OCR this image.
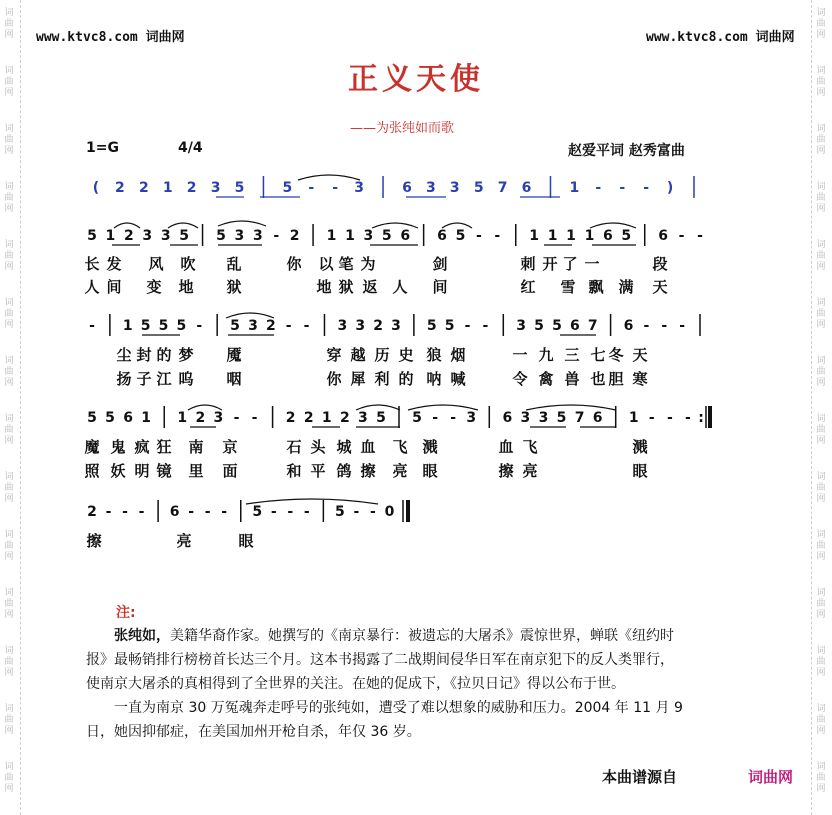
词 曲 网
词 曲 网
词 曲 网
词 曲 网
词 曲 网
词 曲 网
词 曲 网
词 曲 网
词 曲 网
词 曲 网
词 曲 网
词 曲 网
词 曲 网
词 曲 网
词 曲 网
词 曲 网
词 曲 网
词 曲 网
词 曲 网
词 曲 网
词 曲 网
词 曲 网
词 曲 网
词 曲 网
词 曲 网
词 曲 网
词 曲 网
词 曲 网
www.ktvc8.com 词曲网	www.ktvc8.com 词曲网
正义天使
——为张纯如而歌
1=G	4/4	赵爱平词 赵秀富曲
( 2 2 1 2 3 5	5 - - 3	6 3 3 5 7 6	1 - - - )
5 1 2 3 3 5 5 3 3 - 2 1 1 3 5 6 6 5 - - 1 1 1 1 6 5 6 - -
长 发 风 吹 乱	你 以 笔 为	剑	刺 开 了 一	段
人 间 变 地 狱	地 狱 返 人 间	红 雪 飘 满 天
- 1 5 5 5 - 5 3 2 - - 3 3 2 3 5 5 - - 3 5 5 6 7 6 - - -
尘 封 的 梦 魇	穿 越 历 史 狼 烟	一 九 三 七 冬 天
扬 子 江 呜 咽	你 犀 利 的 呐 喊	令 禽 兽 也 胆 寒
5 5 6 1 1 2 3 - - 2 2 1 2 3 5 5 - - 3 6 3 3 5 7 6 1 - - - :
魔 鬼 疯 狂 南 京	石 头 城 血 飞 溅	血 飞	溅
照 妖 明 镜 里 面	和 平 鸽 擦 亮 眼	擦 亮	眼
2 - - - 6 - - - 5 - - - 5 - - 0
擦	亮	眼
注:
张纯如，美籍华裔作家。她撰写的《南京暴行：被遗忘的大屠杀》震惊世界，蝉联《纽约时
报》最畅销排行榜榜首长达三个月。这本书揭露了二战期间侵华日军在南京犯下的反人类罪行，
使南京大屠杀的真相得到了全世界的关注。在她的促成下，《拉贝日记》得以公布于世。
一直为南京 30 万冤魂奔走呼号的张纯如，遭受了难以想象的威胁和压力。2004 年 11 月 9
日，她因抑郁症，在美国加州开枪自杀，年仅 36 岁。
本曲谱源自	词曲网
